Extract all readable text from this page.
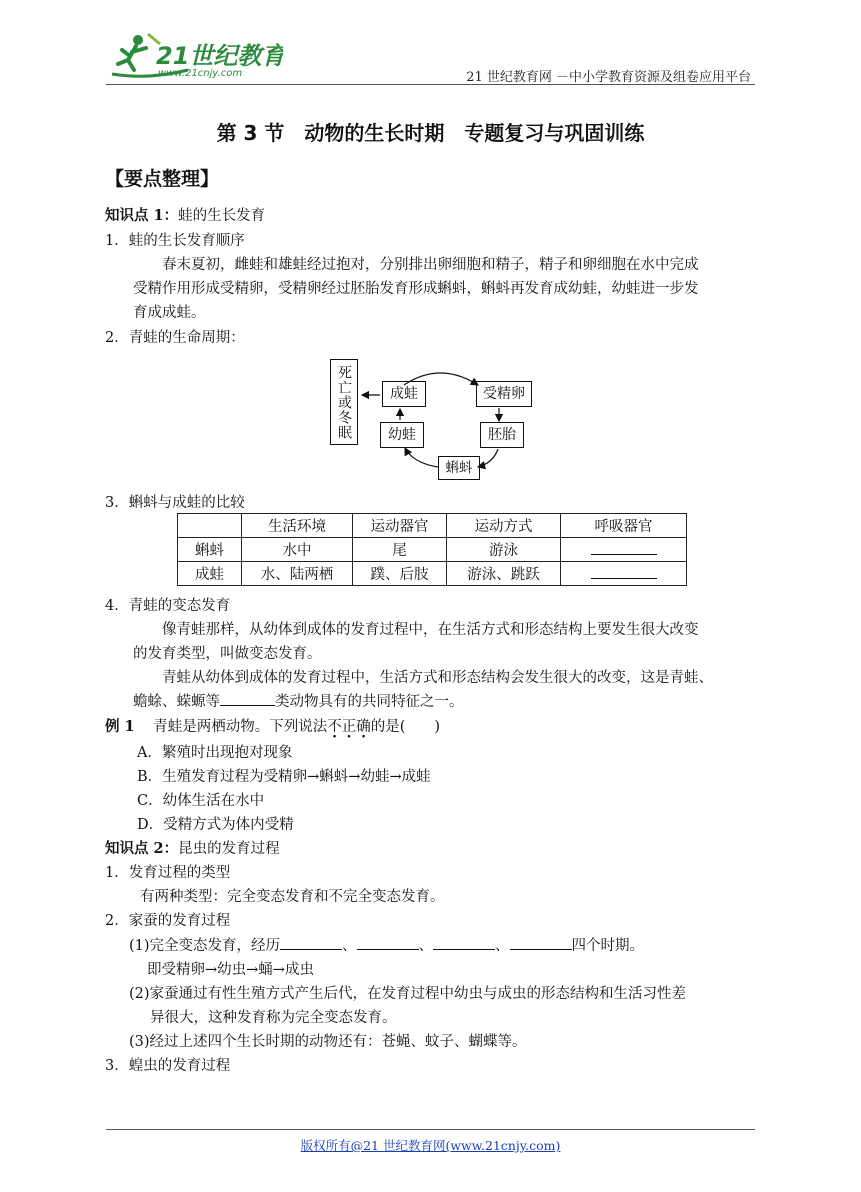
21世纪教育
www.21cnjy.com	21 世纪教育网 －中小学教育资源及组卷应用平台
第 3 节　动物的生长时期　专题复习与巩固训练
【要点整理】
知识点 1：蛙的生长发育
1．蛙的生长发育顺序
春末夏初，雌蛙和雄蛙经过抱对，分别排出卵细胞和精子，精子和卵细胞在水中完成
受精作用形成受精卵，受精卵经过胚胎发育形成蝌蚪，蝌蚪再发育成幼蛙，幼蛙进一步发
育成成蛙。
2．青蛙的生命周期：
死亡或冬眠	成蛙	受精卵
幼蛙	胚胎
蝌蚪
3．蝌蚪与成蛙的比较
	生活环境	运动器官	运动方式	呼吸器官
蝌蚪	水中	尾	游泳	
成蛙	水、陆两栖	蹼、后肢	游泳、跳跃	
4．青蛙的变态发育
像青蛙那样，从幼体到成体的发育过程中，在生活方式和形态结构上要发生很大改变
的发育类型，叫做变态发育。
青蛙从幼体到成体的发育过程中，生活方式和形态结构会发生很大的改变，这是青蛙、
蟾蜍、蝾螈等	类动物具有的共同特征之一。
例 1 青蛙是两栖动物。下列说法不正确的是(　　)
A．繁殖时出现抱对现象
B．生殖发育过程为受精卵→蝌蚪→幼蛙→成蛙
C．幼体生活在水中
D．受精方式为体内受精
知识点 2：昆虫的发育过程
1．发育过程的类型
有两种类型：完全变态发育和不完全变态发育。
2．家蚕的发育过程
(1)完全变态发育，经历	、	、	、	四个时期。
即受精卵→幼虫→蛹→成虫
(2)家蚕通过有性生殖方式产生后代，在发育过程中幼虫与成虫的形态结构和生活习性差
异很大，这种发育称为完全变态发育。
(3)经过上述四个生长时期的动物还有：苍蝇、蚊子、蝴蝶等。
3．蝗虫的发育过程
版权所有@21 世纪教育网(www.21cnjy.com)
